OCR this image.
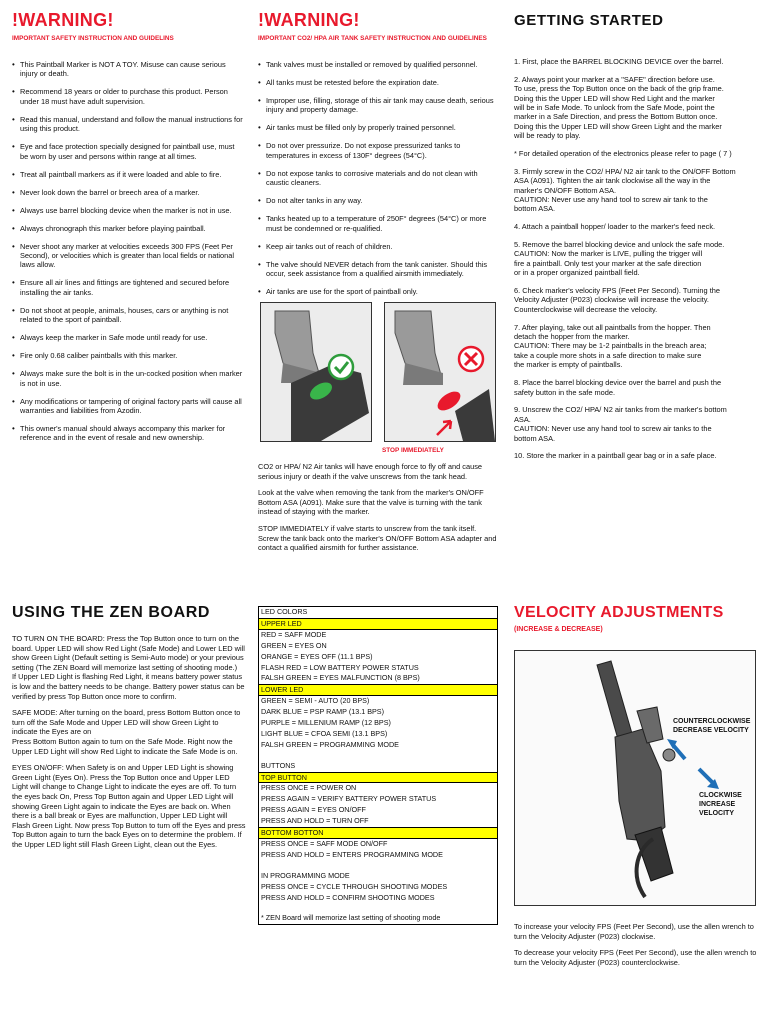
!WARNING!
IMPORTANT SAFETY INSTRUCTION AND GUIDELINS
• This Paintball Marker is NOT A TOY. Misuse can cause serious injury or death.
• Recommend 18 years or older to purchase this product. Person under 18 must have adult supervision.
• Read this manual, understand and follow the manual instructions for using this product.
• Eye and face protection specially designed for paintball use, must be worn by user and persons within range at all times.
• Treat all paintball markers as if it were loaded and able to fire.
• Never look down the barrel or breech area of a marker.
• Always use barrel blocking device when the marker is not in use.
• Always chronograph this marker before playing paintball.
• Never shoot any marker at velocities exceeds 300 FPS (Feet Per Second), or velocities which is greater than local fields or national laws allow.
• Ensure all air lines and fittings are tightened and secured before installing the air tanks.
• Do not shoot at people, animals, houses, cars or anything is not related to the sport of paintball.
• Always keep the marker in Safe mode until ready for use.
• Fire only 0.68 caliber paintballs with this marker.
• Always make sure the bolt is in the un-cocked position when marker is not in use.
• Any modifications or tampering of original factory parts will cause all warranties and liabilities from Azodin.
• This owner's manual should always accompany this marker for reference and in the event of resale and new ownership.
!WARNING!
IMPORTANT CO2/ HPA AIR TANK SAFETY INSTRUCTION AND GUIDELINES
• Tank valves must be installed or removed by qualified personnel.
• All tanks must be retested before the expiration date.
• Improper use, filling, storage of this air tank may cause death, serious injury and property damage.
• Air tanks must be filled only by properly trained personnel.
• Do not over pressurize. Do not expose pressurized tanks to temperatures in excess of 130F° degrees (54°C).
• Do not expose tanks to corrosive materials and do not clean with caustic cleaners.
• Do not alter tanks in any way.
• Tanks heated up to a temperature of 250F° degrees (54°C) or more must be condemned or re-qualified.
• Keep air tanks out of reach of children.
• The valve should NEVER detach from the tank canister. Should this occur, seek assistance from a qualified airsmith immediately.
• Air tanks are use for the sport of paintball only.
STOP IMMEDIATELY
CO2 or HPA/ N2 Air tanks will have enough force to fly off and cause serious injury or death if the valve unscrews from the tank head.
Look at the valve when removing the tank from the marker's ON/OFF Bottom ASA (A091). Make sure that the valve is turning with the tank instead of staying with the marker.
STOP IMMEDIATELY if valve starts to unscrew from the tank itself. Screw the tank back onto the marker's ON/OFF Bottom ASA adapter and contact a qualified airsmith for further assistance.
GETTING STARTED
1. First, place the BARREL BLOCKING DEVICE over the barrel.
2. Always point your marker at a "SAFE" direction before use.
To use, press the Top Button once on the back of the grip frame.
Doing this the Upper LED will show Red Light and the marker
will be in Safe Mode. To unlock from the Safe Mode, point the
marker in a Safe Direction, and press the Bottom Button once.
Doing this the Upper LED will show Green Light and the marker
will be ready to play.
* For detailed operation of the electronics please refer to page ( 7 )
3. Firmly screw in the CO2/ HPA/ N2 air tank to the ON/OFF Bottom
ASA (A091). Tighten the air tank clockwise all the way in the
marker's ON/OFF Bottom ASA.
CAUTION: Never use any hand tool to screw air tank to the
bottom ASA.
4. Attach a paintball hopper/ loader to the marker's feed neck.
5. Remove the barrel blocking device and unlock the safe mode.
CAUTION: Now the marker is LIVE, pulling the trigger will
fire a paintball. Only test your marker at the safe direction
or in a proper organized paintball field.
6. Check marker's velocity FPS (Feet Per Second). Turning the
Velocity Adjuster (P023) clockwise will increase the velocity.
Counterclockwise will decrease the velocity.
7. After playing, take out all paintballs from the hopper. Then
detach the hopper from the marker.
CAUTION: There may be 1-2 paintballs in the breach area;
take a couple more shots in a safe direction to make sure
the marker is empty of paintballs.
8. Place the barrel blocking device over the barrel and push the
safety button in the safe mode.
9. Unscrew the CO2/ HPA/ N2 air tanks from the marker's bottom
ASA.
CAUTION: Never use any hand tool to screw air tanks to the
bottom ASA.
10. Store the marker in a paintball gear bag or in a safe place.
USING THE ZEN BOARD
TO TURN ON THE BOARD: Press the Top Button once to turn on the board. Upper LED will show Red Light (Safe Mode) and Lower LED will show Green Light (Default setting is Semi-Auto mode) or your previous setting (The ZEN Board will memorize last setting of shooting mode.)
If Upper LED Light is flashing Red Light, it means battery power status is low and the battery needs to be change. Battery power status can be verified by press Top Button once more to confirm.
SAFE MODE: After turning on the board, press Bottom Button once to turn off the Safe Mode and Upper LED will show Green Light to indicate the Eyes are on
Press Bottom Button again to turn on the Safe Mode. Right now the Upper LED Light will show Red Light to indicate the Safe Mode is on.
EYES ON/OFF: When Safety is on and Upper LED Light is showing Green Light (Eyes On). Press the Top Button once and Upper LED Light will change to Change Light to indicate the eyes are off. To turn the eyes back On, Press Top Button again and Upper LED Light will showing Green Light again to indicate the Eyes are back on. When there is a ball break or Eyes are malfunction, Upper LED Light will Flash Green Light. Now press Top Button to turn off the Eyes and press Top Button again to turn the back Eyes on to determine the problem. If the Upper LED light still Flash Green Light, clean out the Eyes.
LED COLORS
UPPER LED
RED = SAFF MODE
GREEN = EYES ON
ORANGE = EYES OFF (11.1 BPS)
FLASH RED = LOW BATTERY POWER STATUS
FALSH GREEN = EYES MALFUNCTION (8 BPS)
LOWER LED
GREEN = SEMI - AUTO (20 BPS)
DARK BLUE = PSP RAMP (13.1 BPS)
PURPLE = MILLENIUM RAMP (12 BPS)
LIGHT BLUE = CFOA SEMI (13.1 BPS)
FALSH GREEN = PROGRAMMING MODE
BUTTONS
TOP BUTTON
PRESS ONCE = POWER ON
PRESS AGAIN = VERIFY BATTERY POWER STATUS
PRESS AGAIN = EYES ON/OFF
PRESS AND HOLD = TURN OFF
BOTTOM BOTTON
PRESS ONCE = SAFF MODE ON/OFF
PRESS AND HOLD = ENTERS PROGRAMMING MODE
IN PROGRAMMING MODE
PRESS ONCE = CYCLE THROUGH SHOOTING MODES
PRESS AND HOLD = CONFIRM SHOOTING MODES
* ZEN Board will memorize last setting of shooting mode
VELOCITY ADJUSTMENTS
(INCREASE & DECREASE)
COUNTERCLOCKWISE
DECREASE VELOCITY
CLOCKWISE
INCREASE
VELOCITY
To increase your velocity FPS (Feet Per Second), use the allen wrench to turn the Velocity Adjuster (P023) clockwise.
To decrease your velocity FPS (Feet Per Second), use the allen wrench to turn the Velocity Adjuster (P023) counterclockwise.
